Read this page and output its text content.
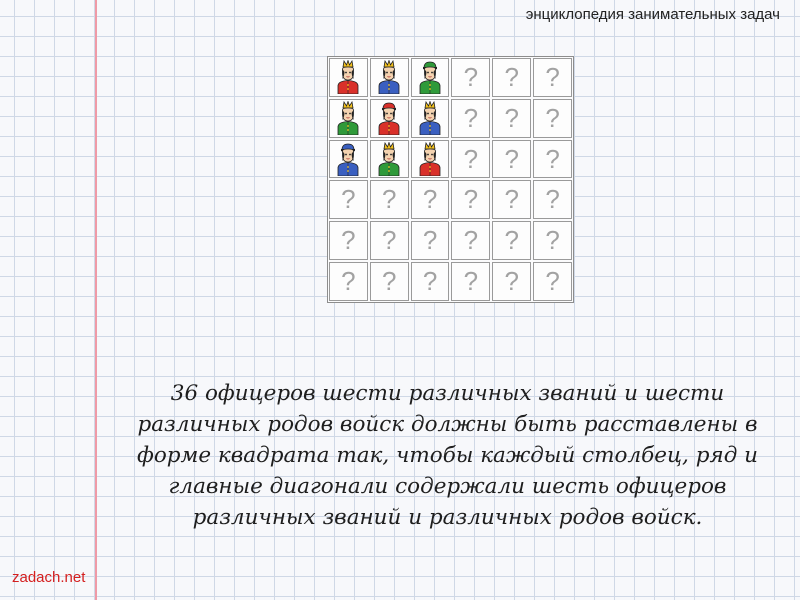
энциклопедия занимательных задач
? ? ?
? ? ?
? ? ?
? ? ? ? ? ?
? ? ? ? ? ?
? ? ? ? ? ?
36 офицеров шести различных званий и шести различных родов войск должны быть расставлены в форме квадрата так, чтобы каждый столбец, ряд и главные диагонали содержали шесть офицеров различных званий и различных родов войск.
zadach.net
